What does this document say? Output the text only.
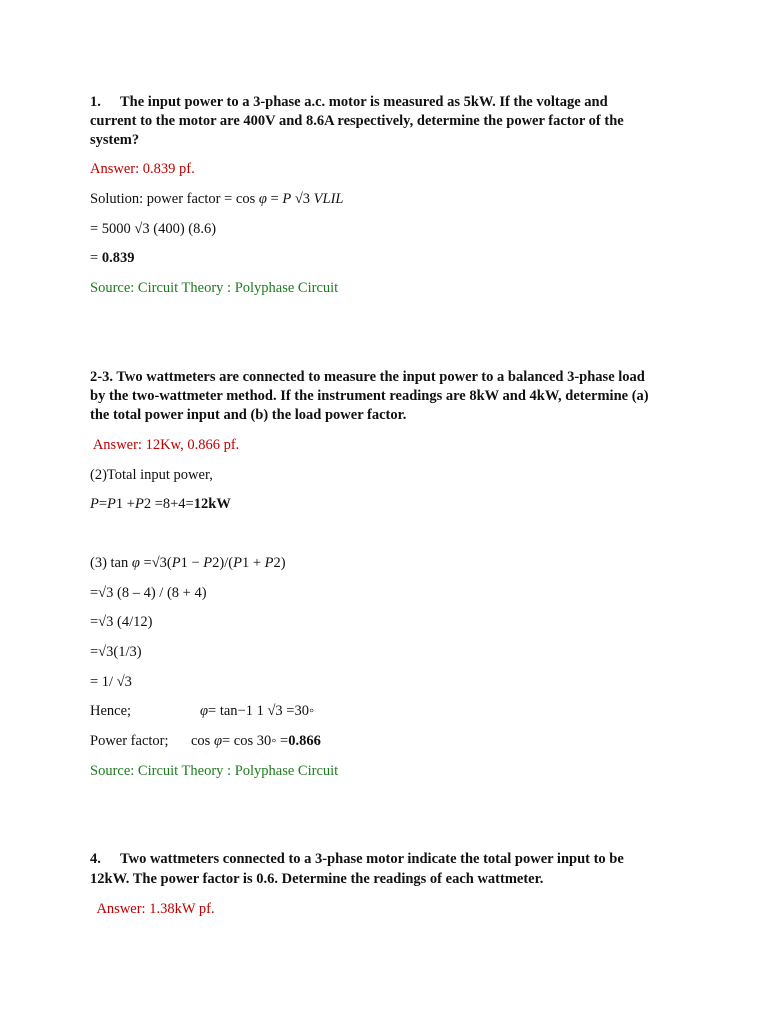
1. The input power to a 3-phase a.c. motor is measured as 5kW. If the voltage and
current to the motor are 400V and 8.6A respectively, determine the power factor of the
system?
Answer: 0.839 pf.
Solution: power factor = cos φ = P √3 VLIL
= 5000 √3 (400) (8.6)
= 0.839
Source: Circuit Theory : Polyphase Circuit
2-3. Two wattmeters are connected to measure the input power to a balanced 3-phase load
by the two-wattmeter method. If the instrument readings are 8kW and 4kW, determine (a)
the total power input and (b) the load power factor.
Answer: 12Kw, 0.866 pf.
(2)Total input power,
P=P1 +P2 =8+4=12kW
(3) tan φ =√3(P1 − P2)/(P1 + P2)
=√3 (8 – 4) / (8 + 4)
=√3 (4/12)
=√3(1/3)
= 1/ √3
Hence;	φ= tan−1 1 √3 =30◦
Power factor; cos φ= cos 30◦ =0.866
Source: Circuit Theory : Polyphase Circuit
4. Two wattmeters connected to a 3-phase motor indicate the total power input to be
12kW. The power factor is 0.6. Determine the readings of each wattmeter.
Answer: 1.38kW pf.
